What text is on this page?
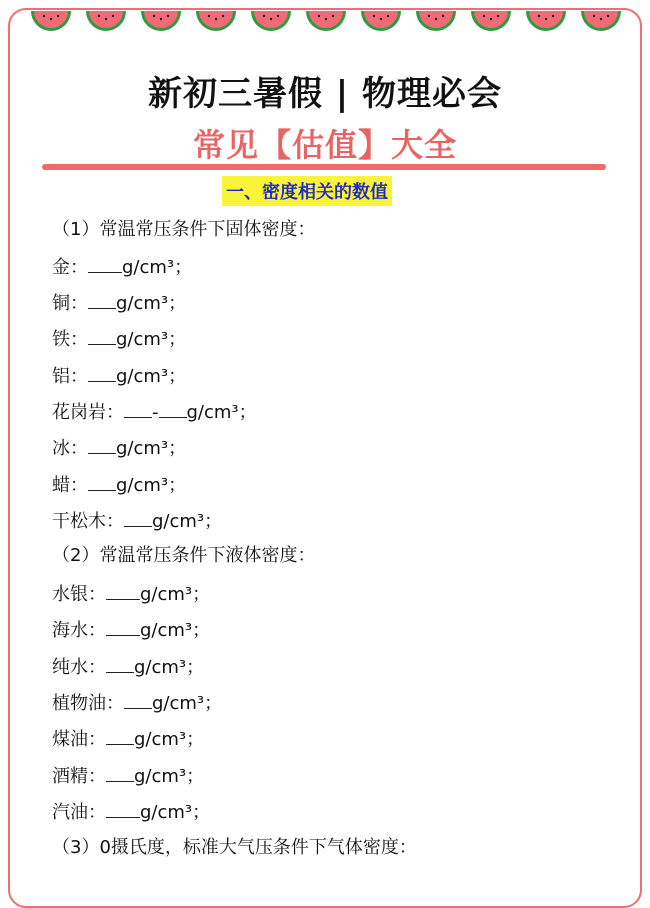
新初三暑假 | 物理必会
常见【估值】大全
一、密度相关的数值
（1）常温常压条件下固体密度：
金： g/cm³；
铜： g/cm³；
铁： g/cm³；
铝： g/cm³；
花岗岩： - g/cm³；
冰： g/cm³；
蜡： g/cm³；
干松木： g/cm³；
（2）常温常压条件下液体密度：
水银： g/cm³；
海水： g/cm³；
纯水： g/cm³；
植物油： g/cm³；
煤油： g/cm³；
酒精： g/cm³；
汽油： g/cm³；
（3）0摄氏度，标准大气压条件下气体密度：
